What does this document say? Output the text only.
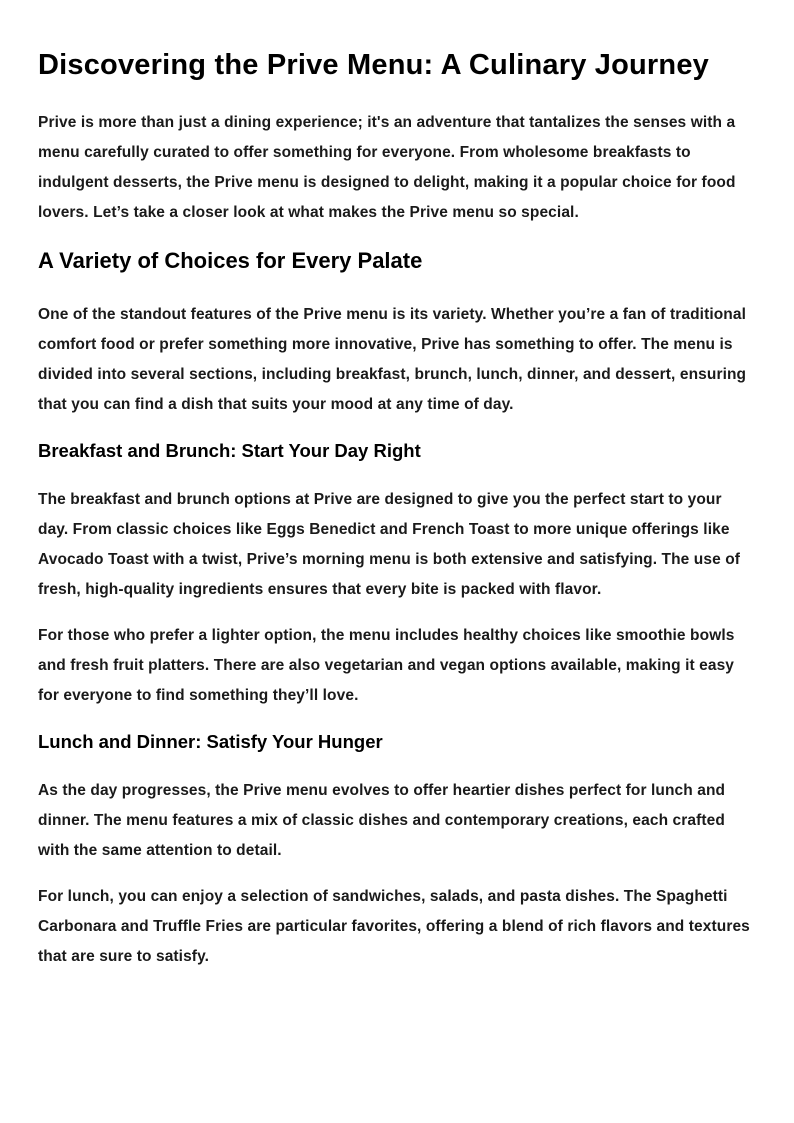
Discovering the Prive Menu: A Culinary Journey

Prive is more than just a dining experience; it's an adventure that tantalizes the senses with a menu carefully curated to offer something for everyone. From wholesome breakfasts to indulgent desserts, the Prive menu is designed to delight, making it a popular choice for food lovers. Let’s take a closer look at what makes the Prive menu so special.

A Variety of Choices for Every Palate

One of the standout features of the Prive menu is its variety. Whether you’re a fan of traditional comfort food or prefer something more innovative, Prive has something to offer. The menu is divided into several sections, including breakfast, brunch, lunch, dinner, and dessert, ensuring that you can find a dish that suits your mood at any time of day.

Breakfast and Brunch: Start Your Day Right

The breakfast and brunch options at Prive are designed to give you the perfect start to your day. From classic choices like Eggs Benedict and French Toast to more unique offerings like Avocado Toast with a twist, Prive’s morning menu is both extensive and satisfying. The use of fresh, high-quality ingredients ensures that every bite is packed with flavor.

For those who prefer a lighter option, the menu includes healthy choices like smoothie bowls and fresh fruit platters. There are also vegetarian and vegan options available, making it easy for everyone to find something they’ll love.

Lunch and Dinner: Satisfy Your Hunger

As the day progresses, the Prive menu evolves to offer heartier dishes perfect for lunch and dinner. The menu features a mix of classic dishes and contemporary creations, each crafted with the same attention to detail.

For lunch, you can enjoy a selection of sandwiches, salads, and pasta dishes. The Spaghetti Carbonara and Truffle Fries are particular favorites, offering a blend of rich flavors and textures that are sure to satisfy.
